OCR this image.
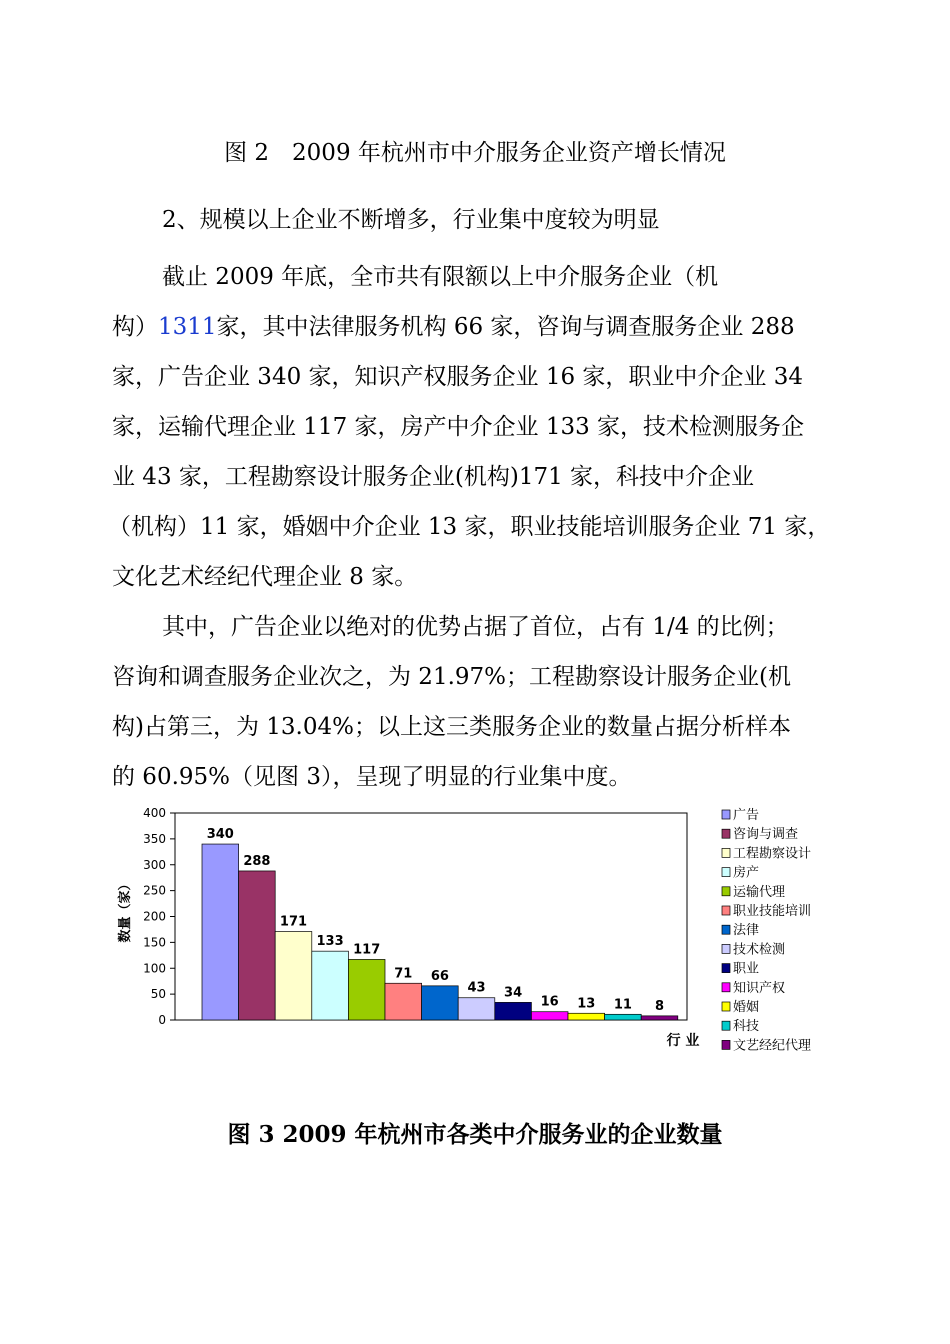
图 2　2009 年杭州市中介服务企业资产增长情况
2、规模以上企业不断增多，行业集中度较为明显
截止 2009 年底，全市共有限额以上中介服务企业（机
构）1311家，其中法律服务机构 66 家，咨询与调查服务企业 288
家，广告企业 340 家，知识产权服务企业 16 家，职业中介企业 34
家，运输代理企业 117 家，房产中介企业 133 家，技术检测服务企
业 43 家，工程勘察设计服务企业(机构)171 家，科技中介企业
（机构）11 家，婚姻中介企业 13 家，职业技能培训服务企业 71 家，
文化艺术经纪代理企业 8 家。
其中，广告企业以绝对的优势占据了首位，占有 1/4 的比例；
咨询和调查服务企业次之，为 21.97%；工程勘察设计服务企业(机
构)占第三，为 13.04%；以上这三类服务企业的数量占据分析样本
的 60.95%（见图 3），呈现了明显的行业集中度。
0
50
100
150
200
250
300
350
400
数量（家）
行 业
340
288
171
133
117
71 66
43 34
16 13 11 8
广告
咨询与调查
工程勘察设计
房产
运输代理
职业技能培训
法律
技术检测
职业
知识产权
婚姻
科技
文艺经纪代理
图 3 2009 年杭州市各类中介服务业的企业数量
